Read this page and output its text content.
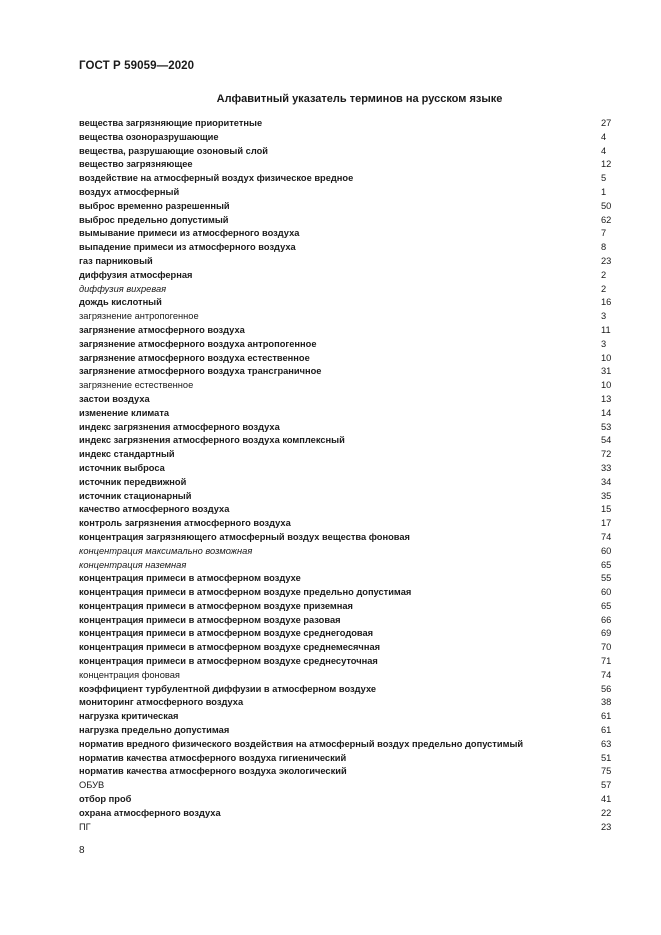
ГОСТ Р 59059—2020
Алфавитный указатель терминов на русском языке
вещества загрязняющие приоритетные	27
вещества озоноразрушающие	4
вещества, разрушающие озоновый слой	4
вещество загрязняющее	12
воздействие на атмосферный воздух физическое вредное	5
воздух атмосферный	1
выброс временно разрешенный	50
выброс предельно допустимый	62
вымывание примеси из атмосферного воздуха	7
выпадение примеси из атмосферного воздуха	8
газ парниковый	23
диффузия атмосферная	2
диффузия вихревая	2
дождь кислотный	16
загрязнение антропогенное	3
загрязнение атмосферного воздуха	11
загрязнение атмосферного воздуха антропогенное	3
загрязнение атмосферного воздуха естественное	10
загрязнение атмосферного воздуха трансграничное	31
загрязнение естественное	10
застои воздуха	13
изменение климата	14
индекс загрязнения атмосферного воздуха	53
индекс загрязнения атмосферного воздуха комплексный	54
индекс стандартный	72
источник выброса	33
источник передвижной	34
источник стационарный	35
качество атмосферного воздуха	15
контроль загрязнения атмосферного воздуха	17
концентрация загрязняющего атмосферный воздух вещества фоновая	74
концентрация максимально возможная	60
концентрация наземная	65
концентрация примеси в атмосферном воздухе	55
концентрация примеси в атмосферном воздухе предельно допустимая	60
концентрация примеси в атмосферном воздухе приземная	65
концентрация примеси в атмосферном воздухе разовая	66
концентрация примеси в атмосферном воздухе среднегодовая	69
концентрация примеси в атмосферном воздухе среднемесячная	70
концентрация примеси в атмосферном воздухе среднесуточная	71
концентрация фоновая	74
коэффициент турбулентной диффузии в атмосферном воздухе	56
мониторинг атмосферного воздуха	38
нагрузка критическая	61
нагрузка предельно допустимая	61
норматив вредного физического воздействия на атмосферный воздух предельно допустимый	63
норматив качества атмосферного воздуха гигиенический	51
норматив качества атмосферного воздуха экологический	75
ОБУВ	57
отбор проб	41
охрана атмосферного воздуха	22
ПГ	23
8
